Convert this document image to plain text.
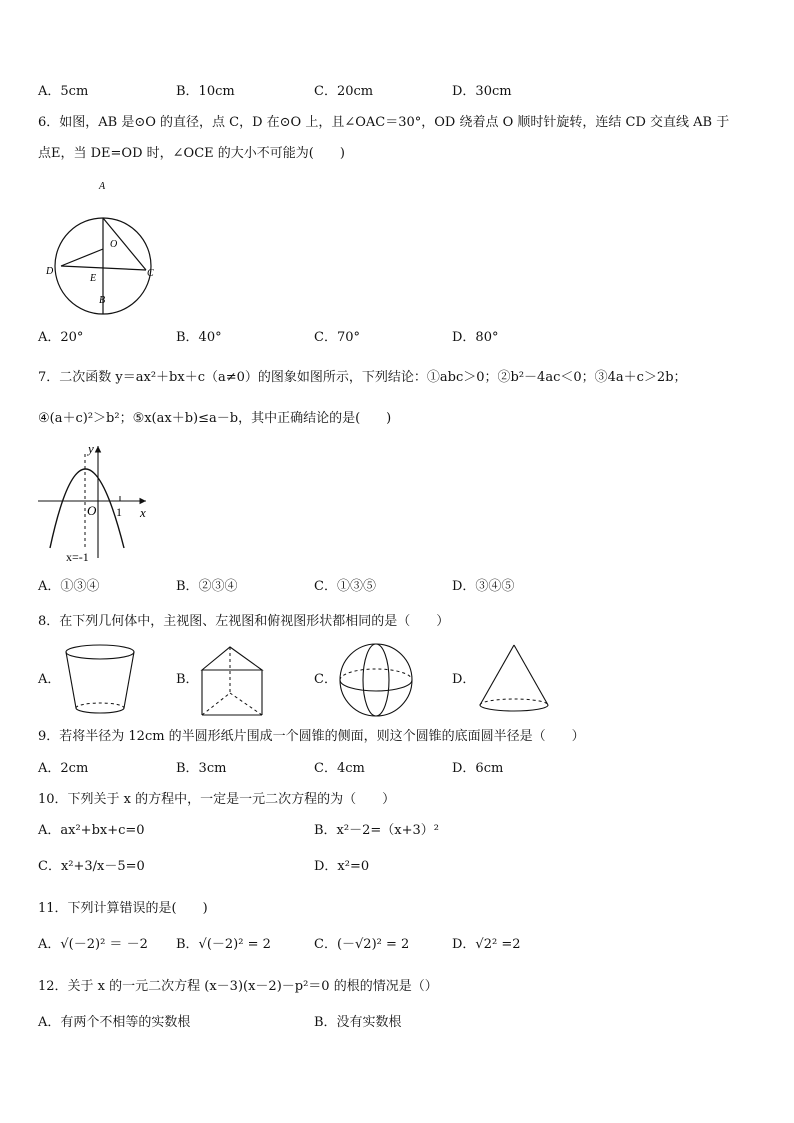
A．5cm	B．10cm	C．20cm	D．30cm
6．如图，AB 是⊙O 的直径，点 C，D 在⊙O 上，且∠OAC＝30°，OD 绕着点 O 顺时针旋转，连结 CD 交直线 AB 于
点E，当 DE=OD 时，∠OCE 的大小不可能为(　　)
A
O
D
E	C
B
A．20°	B．40°	C．70°	D．80°
7．二次函数 y＝ax²＋bx＋c（a≠0）的图象如图所示，下列结论：①abc＞0；②b²－4ac＜0；③4a＋c＞2b；
④(a＋c)²＞b²；⑤x(ax＋b)≤a－b，其中正确结论的是(　　)
y
x
O 1
x=-1
A．①③④	B．②③④	C．①③⑤	D．③④⑤
8．在下列几何体中，主视图、左视图和俯视图形状都相同的是（　　）
A．	B．	C．	D．
9．若将半径为 12cm 的半圆形纸片围成一个圆锥的侧面，则这个圆锥的底面圆半径是（　　）
A．2cm	B．3cm	C．4cm	D．6cm
10．下列关于 x 的方程中，一定是一元二次方程的为（　　）
A．ax²+bx+c=0	B．x²－2=（x+3）²
C．x²+3/x－5=0	D．x²=0
11．下列计算错误的是(　　)
A．√(－2)² ＝ －2 B．√(－2)² = 2	C．(－√2)² = 2	D．√2² =2
12．关于 x 的一元二次方程 (x－3)(x－2)－p²＝0 的根的情况是（）
A．有两个不相等的实数根	B．没有实数根
